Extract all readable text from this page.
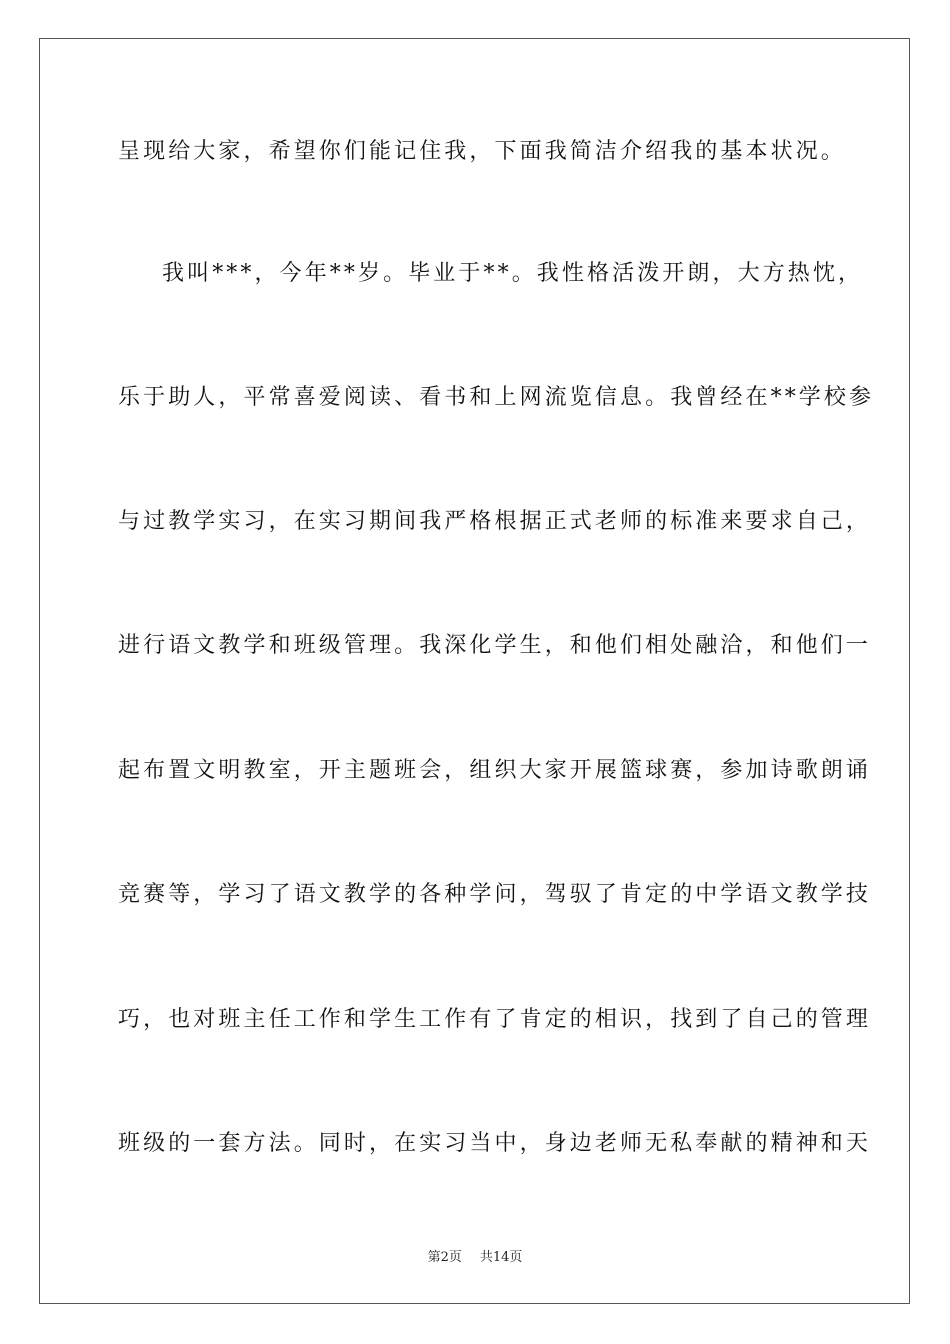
呈现给大家，希望你们能记住我，下面我简洁介绍我的基本状况。
我叫***，今年**岁。毕业于**。我性格活泼开朗，大方热忱，
乐于助人，平常喜爱阅读、看书和上网流览信息。我曾经在**学校参
与过教学实习，在实习期间我严格根据正式老师的标准来要求自己，
进行语文教学和班级管理。我深化学生，和他们相处融洽，和他们一
起布置文明教室，开主题班会，组织大家开展篮球赛，参加诗歌朗诵
竞赛等，学习了语文教学的各种学问，驾驭了肯定的中学语文教学技
巧，也对班主任工作和学生工作有了肯定的相识，找到了自己的管理
班级的一套方法。同时，在实习当中，身边老师无私奉献的精神和天
第2页 共14页
